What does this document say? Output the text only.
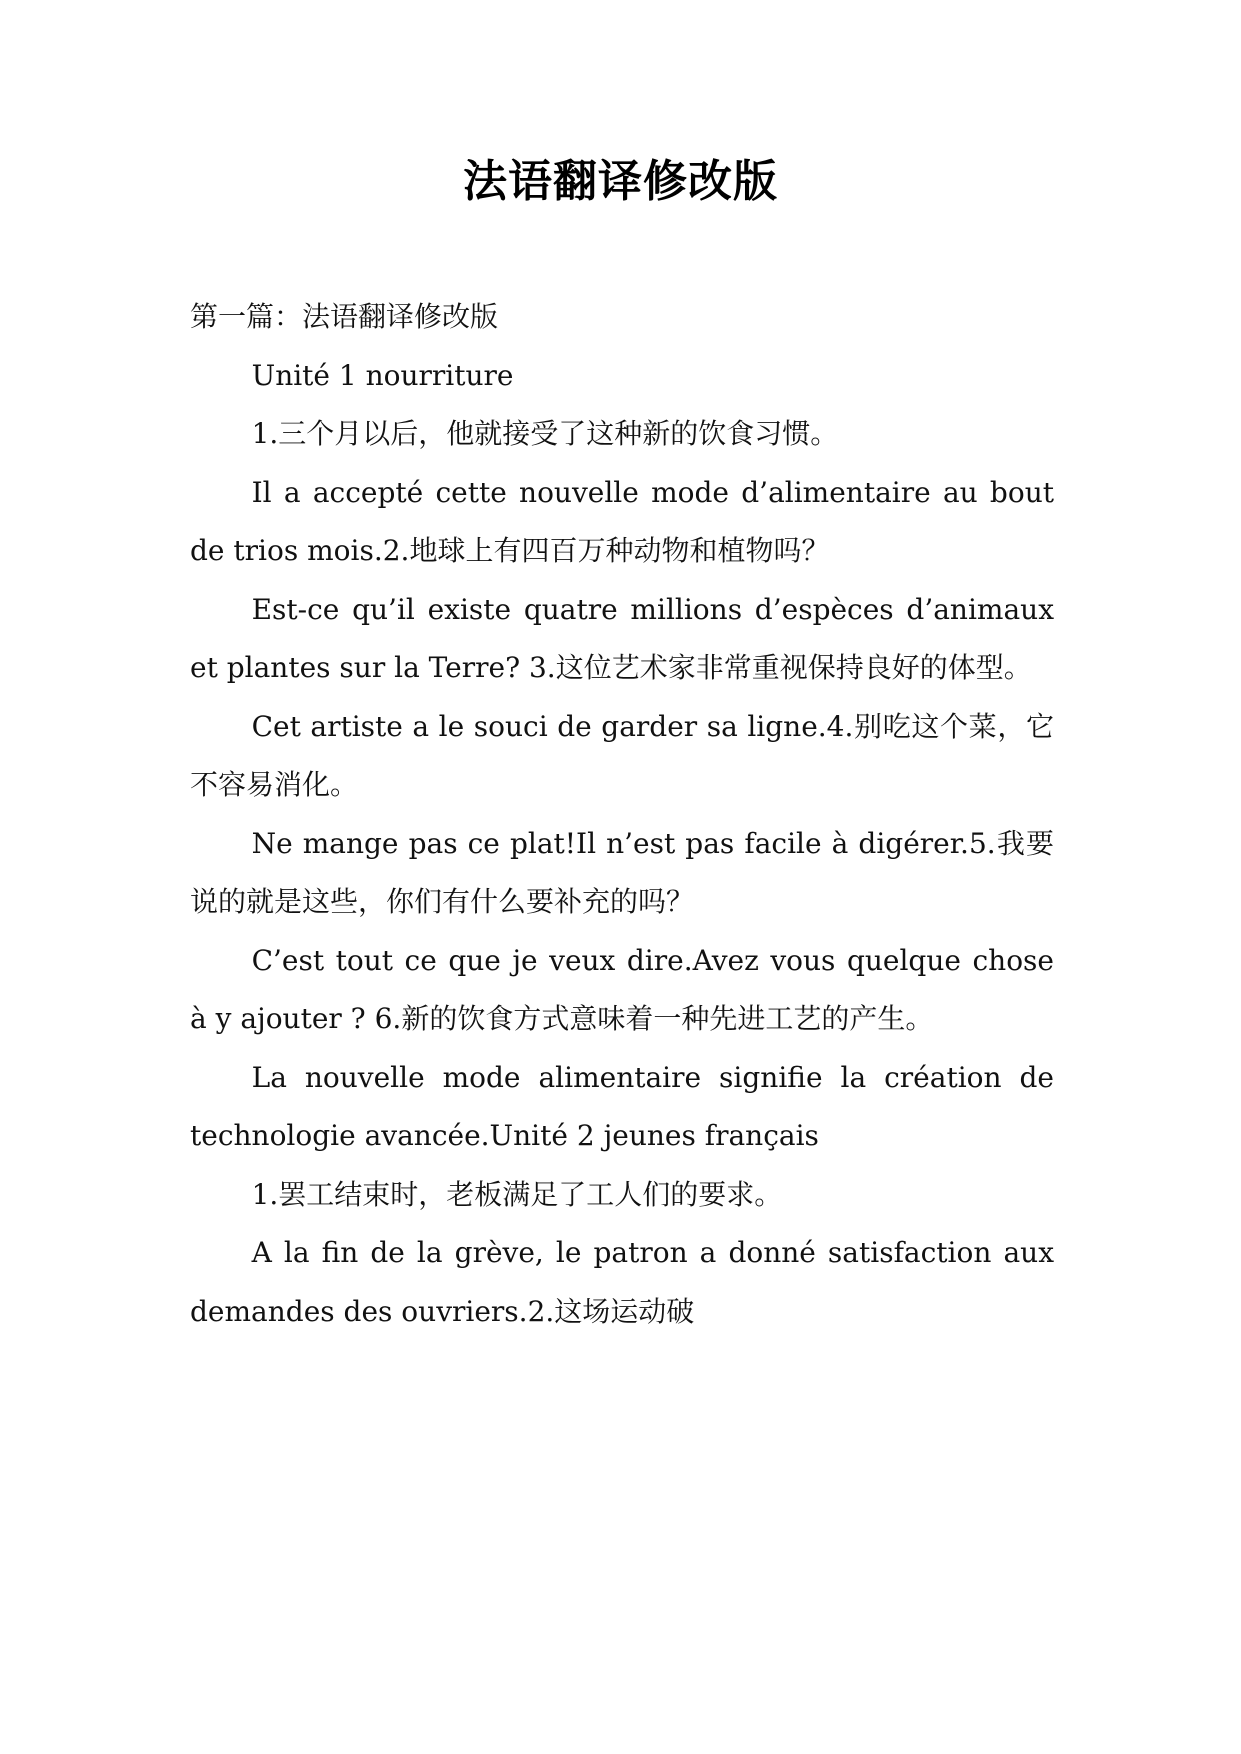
法语翻译修改版

第一篇：法语翻译修改版

Unité 1 nourriture

1.三个月以后，他就接受了这种新的饮食习惯。

Il a accepté cette nouvelle mode d’alimentaire au bout de trios mois.2.地球上有四百万种动物和植物吗？

Est-ce qu’il existe quatre millions d’espèces d’animaux et plantes sur la Terre? 3.这位艺术家非常重视保持良好的体型。

Cet artiste a le souci de garder sa ligne.4.别吃这个菜，它不容易消化。

Ne mange pas ce plat!Il n’est pas facile à digérer.5.我要说的就是这些，你们有什么要补充的吗？

C’est tout ce que je veux dire.Avez vous quelque chose à y ajouter ? 6.新的饮食方式意味着一种先进工艺的产生。

La nouvelle mode alimentaire signifie la création de technologie avancée.Unité 2 jeunes français

1.罢工结束时，老板满足了工人们的要求。

A la fin de la grève, le patron a donné satisfaction aux demandes des ouvriers.2.这场运动破
